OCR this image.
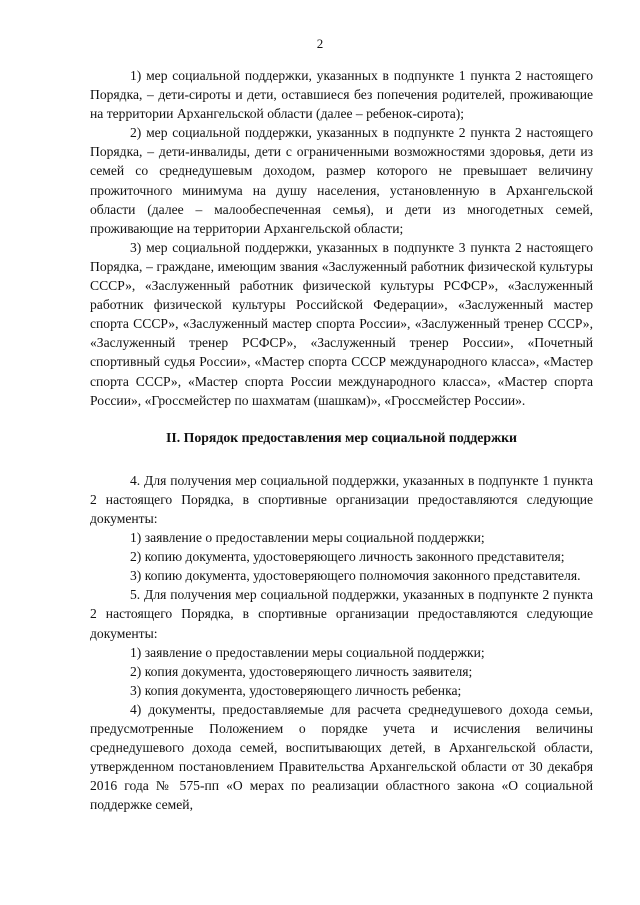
2

1) мер социальной поддержки, указанных в подпункте 1 пункта 2 настоящего Порядка, – дети-сироты и дети, оставшиеся без попечения родителей, проживающие на территории Архангельской области (далее – ребенок-сирота);

2) мер социальной поддержки, указанных в подпункте 2 пункта 2 настоящего Порядка, – дети-инвалиды, дети с ограниченными возможностями здоровья, дети из семей со среднедушевым доходом, размер которого не превышает величину прожиточного минимума на душу населения, установленную в Архангельской области (далее – малообеспеченная семья), и дети из многодетных семей, проживающие на территории Архангельской области;

3) мер социальной поддержки, указанных в подпункте 3 пункта 2 настоящего Порядка, – граждане, имеющим звания «Заслуженный работник физической культуры СССР», «Заслуженный работник физической культуры РСФСР», «Заслуженный работник физической культуры Российской Федерации», «Заслуженный мастер спорта СССР», «Заслуженный мастер спорта России», «Заслуженный тренер СССР», «Заслуженный тренер РСФСР», «Заслуженный тренер России», «Почетный спортивный судья России», «Мастер спорта СССР международного класса», «Мастер спорта СССР», «Мастер спорта России международного класса», «Мастер спорта России», «Гроссмейстер по шахматам (шашкам)», «Гроссмейстер России».

II. Порядок предоставления мер социальной поддержки

4. Для получения мер социальной поддержки, указанных в подпункте 1 пункта 2 настоящего Порядка, в спортивные организации предоставляются следующие документы:

1) заявление о предоставлении меры социальной поддержки;

2) копию документа, удостоверяющего личность законного представителя;

3) копию документа, удостоверяющего полномочия законного представителя.

5. Для получения мер социальной поддержки, указанных в подпункте 2 пункта 2 настоящего Порядка, в спортивные организации предоставляются следующие документы:

1) заявление о предоставлении меры социальной поддержки;

2) копия документа, удостоверяющего личность заявителя;

3) копия документа, удостоверяющего личность ребенка;

4) документы, предоставляемые для расчета среднедушевого дохода семьи, предусмотренные Положением о порядке учета и исчисления величины среднедушевого дохода семей, воспитывающих детей, в Архангельской области, утвержденном постановлением Правительства Архангельской области от 30 декабря 2016 года № 575-пп «О мерах по реализации областного закона «О социальной поддержке семей,
